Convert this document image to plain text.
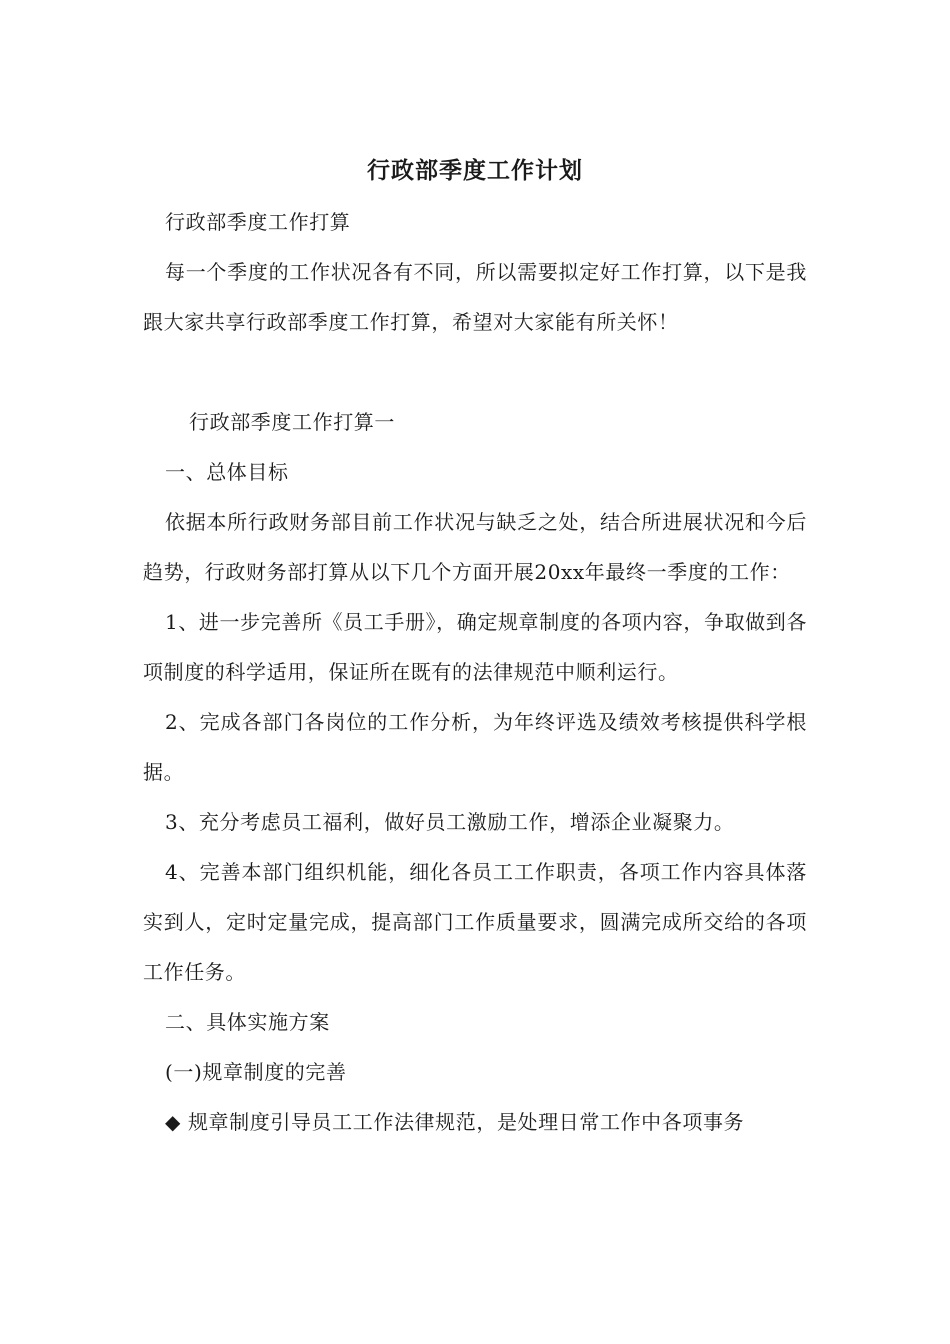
行政部季度工作计划

行政部季度工作打算

每一个季度的工作状况各有不同，所以需要拟定好工作打算，以下是我跟大家共享行政部季度工作打算，希望对大家能有所关怀！

行政部季度工作打算一

一、总体目标

依据本所行政财务部目前工作状况与缺乏之处，结合所进展状况和今后趋势，行政财务部打算从以下几个方面开展20xx年最终一季度的工作：

1、进一步完善所《员工手册》，确定规章制度的各项内容，争取做到各项制度的科学适用，保证所在既有的法律规范中顺利运行。

2、完成各部门各岗位的工作分析，为年终评选及绩效考核提供科学根据。

3、充分考虑员工福利，做好员工激励工作，增添企业凝聚力。

4、完善本部门组织机能，细化各员工工作职责，各项工作内容具体落实到人，定时定量完成，提高部门工作质量要求，圆满完成所交给的各项工作任务。

二、具体实施方案

(一)规章制度的完善

◆ 规章制度引导员工工作法律规范，是处理日常工作中各项事务
